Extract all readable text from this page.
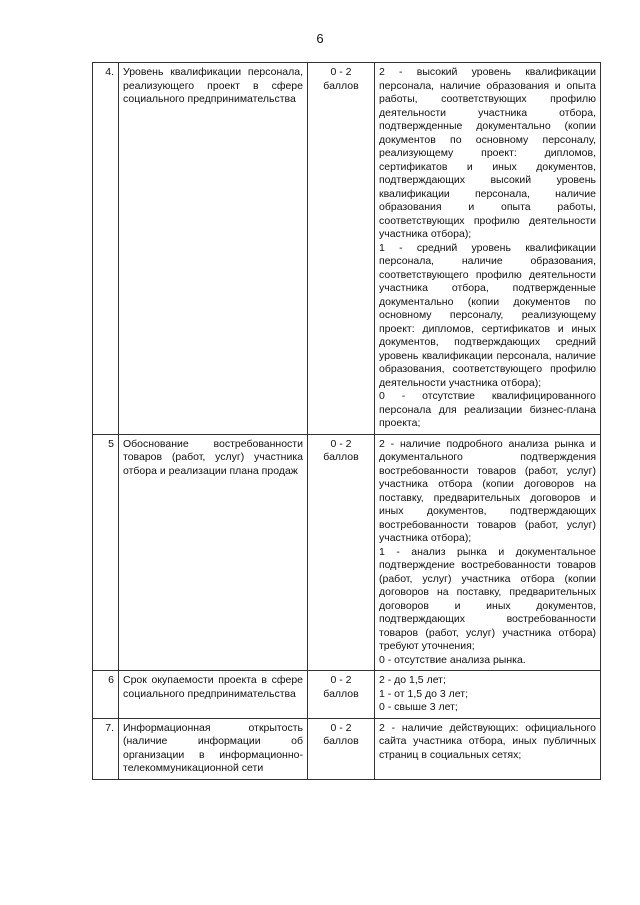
6
4.	Уровень квалификации персонала, реализующего проект в сфере социального предпринимательства	0 - 2 баллов	2 - высокий уровень квалификации персонала, наличие образования и опыта работы, соответствующих профилю деятельности участника отбора, подтвержденные документально (копии документов по основному персоналу, реализующему проект: дипломов, сертификатов и иных документов, подтверждающих высокий уровень квалификации персонала, наличие образования и опыта работы, соответствующих профилю деятельности участника отбора);
1 - средний уровень квалификации персонала, наличие образования, соответствующего профилю деятельности участника отбора, подтвержденные документально (копии документов по основному персоналу, реализующему проект: дипломов, сертификатов и иных документов, подтверждающих средний уровень квалификации персонала, наличие образования, соответствующего профилю деятельности участника отбора);
0 - отсутствие квалифицированного персонала для реализации бизнес-плана проекта;

5	Обоснование востребованности товаров (работ, услуг) участника отбора и реализации плана продаж	0 - 2 баллов	2 - наличие подробного анализа рынка и документального подтверждения востребованности товаров (работ, услуг) участника отбора (копии договоров на поставку, предварительных договоров и иных документов, подтверждающих востребованности товаров (работ, услуг) участника отбора);
1 - анализ рынка и документальное подтверждение востребованности товаров (работ, услуг) участника отбора (копии договоров на поставку, предварительных договоров и иных документов, подтверждающих востребованности товаров (работ, услуг) участника отбора) требуют уточнения;
0 - отсутствие анализа рынка.

6	Срок окупаемости проекта в сфере социального предпринимательства	0 - 2 баллов	2 - до 1,5 лет;
1 - от 1,5 до 3 лет;
0 - свыше 3 лет;

7.	Информационная открытость (наличие информации об организации в информационно-телекоммуникационной сети	0 - 2 баллов	2 - наличие действующих: официального сайта участника отбора, иных публичных страниц в социальных сетях;
